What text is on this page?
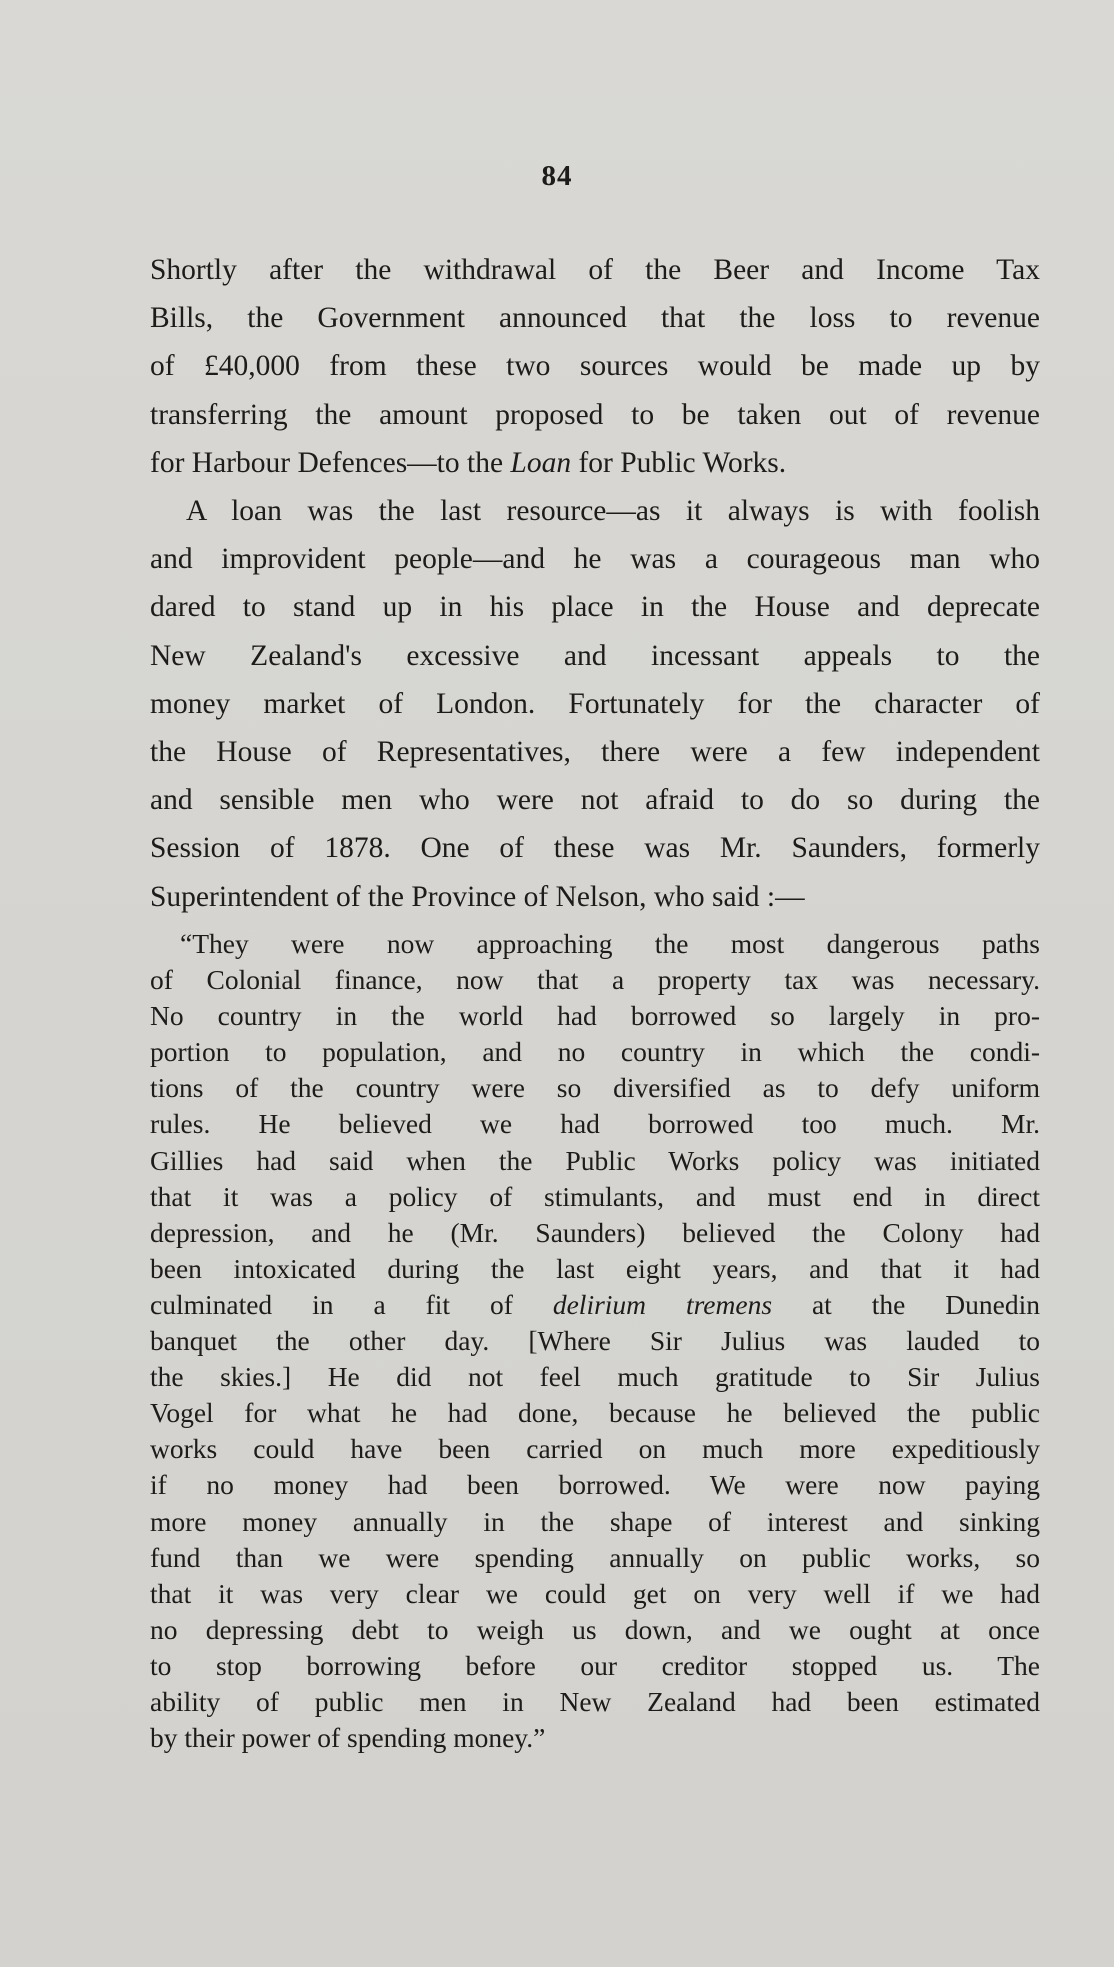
84

Shortly after the withdrawal of the Beer and Income Tax

Bills, the Government announced that the loss to revenue

of £40,000 from these two sources would be made up by

transferring the amount proposed to be taken out of revenue

for Harbour Defences—to the Loan for Public Works.

A loan was the last resource—as it always is with foolish

and improvident people—and he was a courageous man who

dared to stand up in his place in the House and deprecate

New Zealand's excessive and incessant appeals to the

money market of London. Fortunately for the character of

the House of Representatives, there were a few independent

and sensible men who were not afraid to do so during the

Session of 1878. One of these was Mr. Saunders, formerly

Superintendent of the Province of Nelson, who said :—

“They were now approaching the most dangerous paths

of Colonial finance, now that a property tax was necessary.

No country in the world had borrowed so largely in pro-

portion to population, and no country in which the condi-

tions of the country were so diversified as to defy uniform

rules. He believed we had borrowed too much. Mr.

Gillies had said when the Public Works policy was initiated

that it was a policy of stimulants, and must end in direct

depression, and he (Mr. Saunders) believed the Colony had

been intoxicated during the last eight years, and that it had

culminated in a fit of delirium tremens at the Dunedin

banquet the other day. [Where Sir Julius was lauded to

the skies.] He did not feel much gratitude to Sir Julius

Vogel for what he had done, because he believed the public

works could have been carried on much more expeditiously

if no money had been borrowed. We were now paying

more money annually in the shape of interest and sinking

fund than we were spending annually on public works, so

that it was very clear we could get on very well if we had

no depressing debt to weigh us down, and we ought at once

to stop borrowing before our creditor stopped us. The

ability of public men in New Zealand had been estimated

by their power of spending money.”
